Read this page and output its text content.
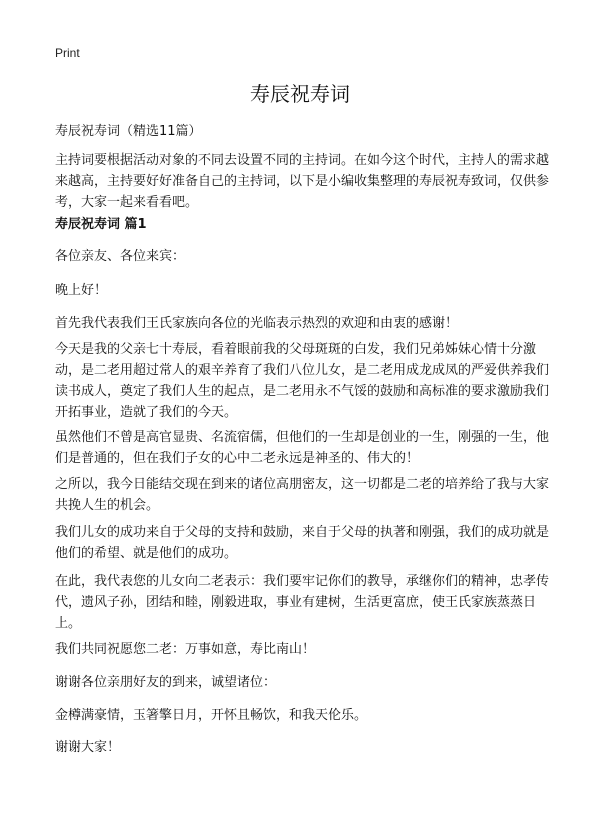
Print
寿辰祝寿词
寿辰祝寿词（精选11篇）

主持词要根据活动对象的不同去设置不同的主持词。在如今这个时代，主持人的需求越来越高，主持要好好准备自己的主持词，以下是小编收集整理的寿辰祝寿致词，仅供参考，大家一起来看看吧。

寿辰祝寿词 篇1

各位亲友、各位来宾：

晚上好！

首先我代表我们王氏家族向各位的光临表示热烈的欢迎和由衷的感谢！

今天是我的父亲七十寿辰，看着眼前我的父母斑斑的白发，我们兄弟姊妹心情十分激动，是二老用超过常人的艰辛养育了我们八位儿女，是二老用成龙成凤的严爱供养我们读书成人，奠定了我们人生的起点，是二老用永不气馁的鼓励和高标准的要求激励我们开拓事业，造就了我们的今天。

虽然他们不曾是高官显贵、名流宿儒，但他们的一生却是创业的一生，刚强的一生，他们是普通的，但在我们子女的心中二老永远是神圣的、伟大的！

之所以，我今日能结交现在到来的诸位高朋密友，这一切都是二老的培养给了我与大家共挽人生的机会。

我们儿女的成功来自于父母的支持和鼓励，来自于父母的执著和刚强，我们的成功就是他们的希望、就是他们的成功。

在此，我代表您的儿女向二老表示：我们要牢记你们的教导，承继你们的精神，忠孝传代，遗风子孙，团结和睦，刚毅进取，事业有建树，生活更富庶，使王氏家族蒸蒸日上。

我们共同祝愿您二老：万事如意，寿比南山！

谢谢各位亲朋好友的到来，诚望诸位：

金樽满豪情，玉箸擎日月，开怀且畅饮，和我天伦乐。

谢谢大家！
